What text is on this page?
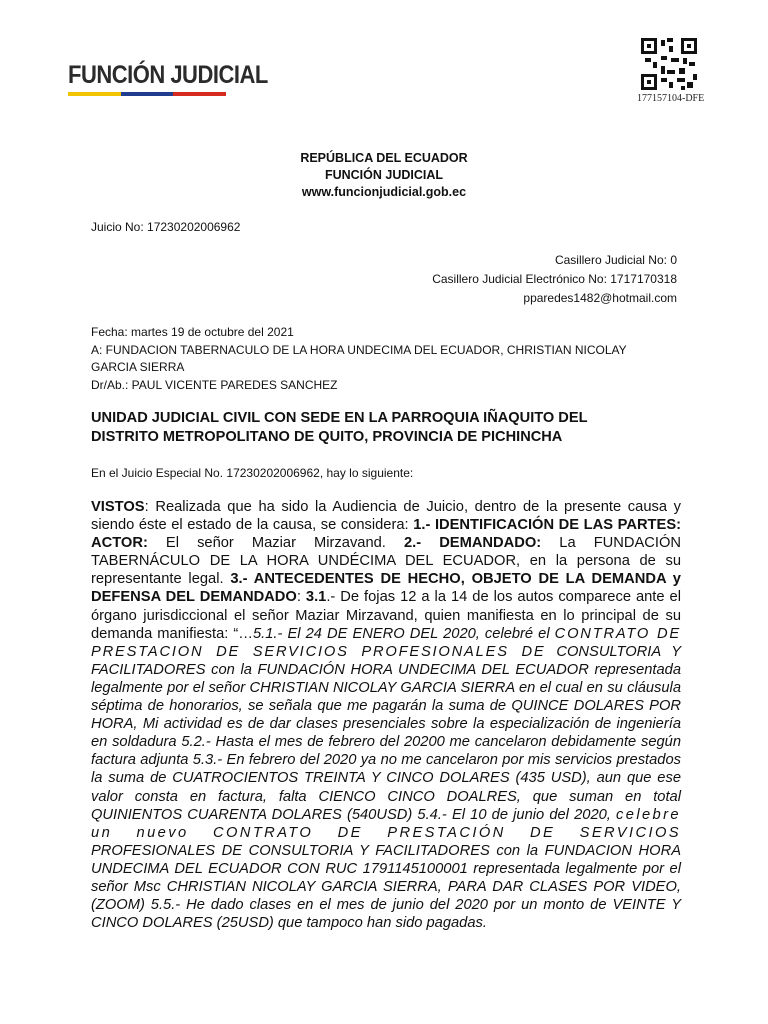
FUNCIÓN JUDICIAL
177157104-DFE
REPÚBLICA DEL ECUADOR
FUNCIÓN JUDICIAL
www.funcionjudicial.gob.ec
Juicio No: 17230202006962
Casillero Judicial No: 0
Casillero Judicial Electrónico No: 1717170318
pparedes1482@hotmail.com
Fecha: martes 19 de octubre del 2021
A: FUNDACION TABERNACULO DE LA HORA UNDECIMA DEL ECUADOR, CHRISTIAN NICOLAY
GARCIA SIERRA
Dr/Ab.: PAUL VICENTE PAREDES SANCHEZ
UNIDAD JUDICIAL CIVIL CON SEDE EN LA PARROQUIA IÑAQUITO DEL
DISTRITO METROPOLITANO DE QUITO, PROVINCIA DE PICHINCHA
En el Juicio Especial No. 17230202006962, hay lo siguiente:
VISTOS: Realizada que ha sido la Audiencia de Juicio, dentro de la presente causa y siendo éste el estado de la causa, se considera: 1.- IDENTIFICACIÓN DE LAS PARTES: ACTOR: El señor Maziar Mirzavand. 2.- DEMANDADO: La FUNDACIÓN TABERNÁCULO DE LA HORA UNDÉCIMA DEL ECUADOR, en la persona de su representante legal. 3.- ANTECEDENTES DE HECHO, OBJETO DE LA DEMANDA y DEFENSA DEL DEMANDADO: 3.1.- De fojas 12 a la 14 de los autos comparece ante el órgano jurisdiccional el señor Maziar Mirzavand, quien manifiesta en lo principal de su demanda manifiesta: “…5.1.- El 24 DE ENERO DEL 2020, celebré el CONTRATO DE PRESTACION DE SERVICIOS PROFESIONALES DE CONSULTORIA Y FACILITADORES con la FUNDACIÓN HORA UNDECIMA DEL ECUADOR representada legalmente por el señor CHRISTIAN NICOLAY GARCIA SIERRA en el cual en su cláusula séptima de honorarios, se señala que me pagarán la suma de QUINCE DOLARES POR HORA, Mi actividad es de dar clases presenciales sobre la especialización de ingeniería en soldadura 5.2.- Hasta el mes de febrero del 20200 me cancelaron debidamente según factura adjunta 5.3.- En febrero del 2020 ya no me cancelaron por mis servicios prestados la suma de CUATROCIENTOS TREINTA Y CINCO DOLARES (435 USD), aun que ese valor consta en factura, falta CIENCO CINCO DOALRES, que suman en total QUINIENTOS CUARENTA DOLARES (540USD) 5.4.- El 10 de junio del 2020, celebre un nuevo CONTRATO DE PRESTACIÓN DE SERVICIOS PROFESIONALES DE CONSULTORIA Y FACILITADORES con la FUNDACION HORA UNDECIMA DEL ECUADOR CON RUC 1791145100001 representada legalmente por el señor Msc CHRISTIAN NICOLAY GARCIA SIERRA, PARA DAR CLASES POR VIDEO, (ZOOM) 5.5.- He dado clases en el mes de junio del 2020 por un monto de VEINTE Y CINCO DOLARES (25USD) que tampoco han sido pagadas.
